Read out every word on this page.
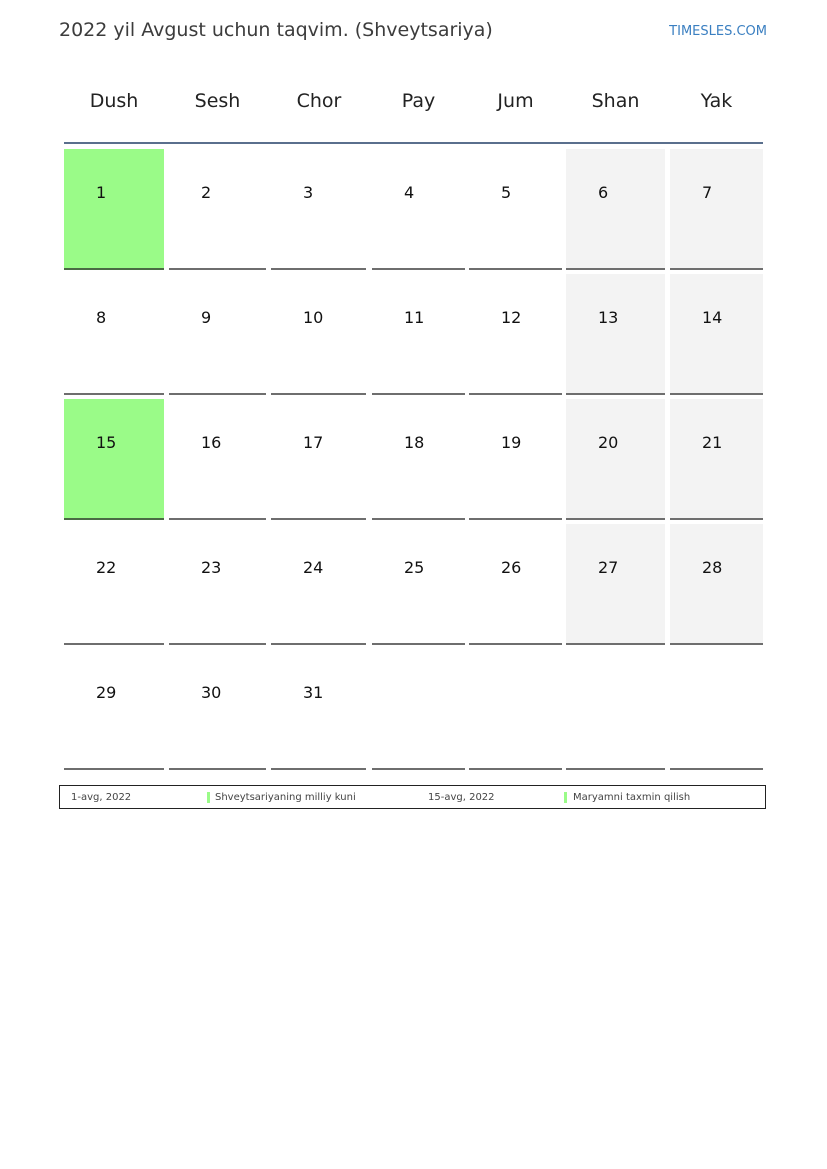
2022 yil Avgust uchun taqvim. (Shveytsariya)	TIMESLES.COM
Dush	Sesh	Chor	Pay	Jum	Shan	Yak
1	2	3	4	5	6	7
8	9	10	11	12	13	14
15	16	17	18	19	20	21
22	23	24	25	26	27	28
29	30	31
1-avg, 2022	Shveytsariyaning milliy kuni	15-avg, 2022	Maryamni taxmin qilish
